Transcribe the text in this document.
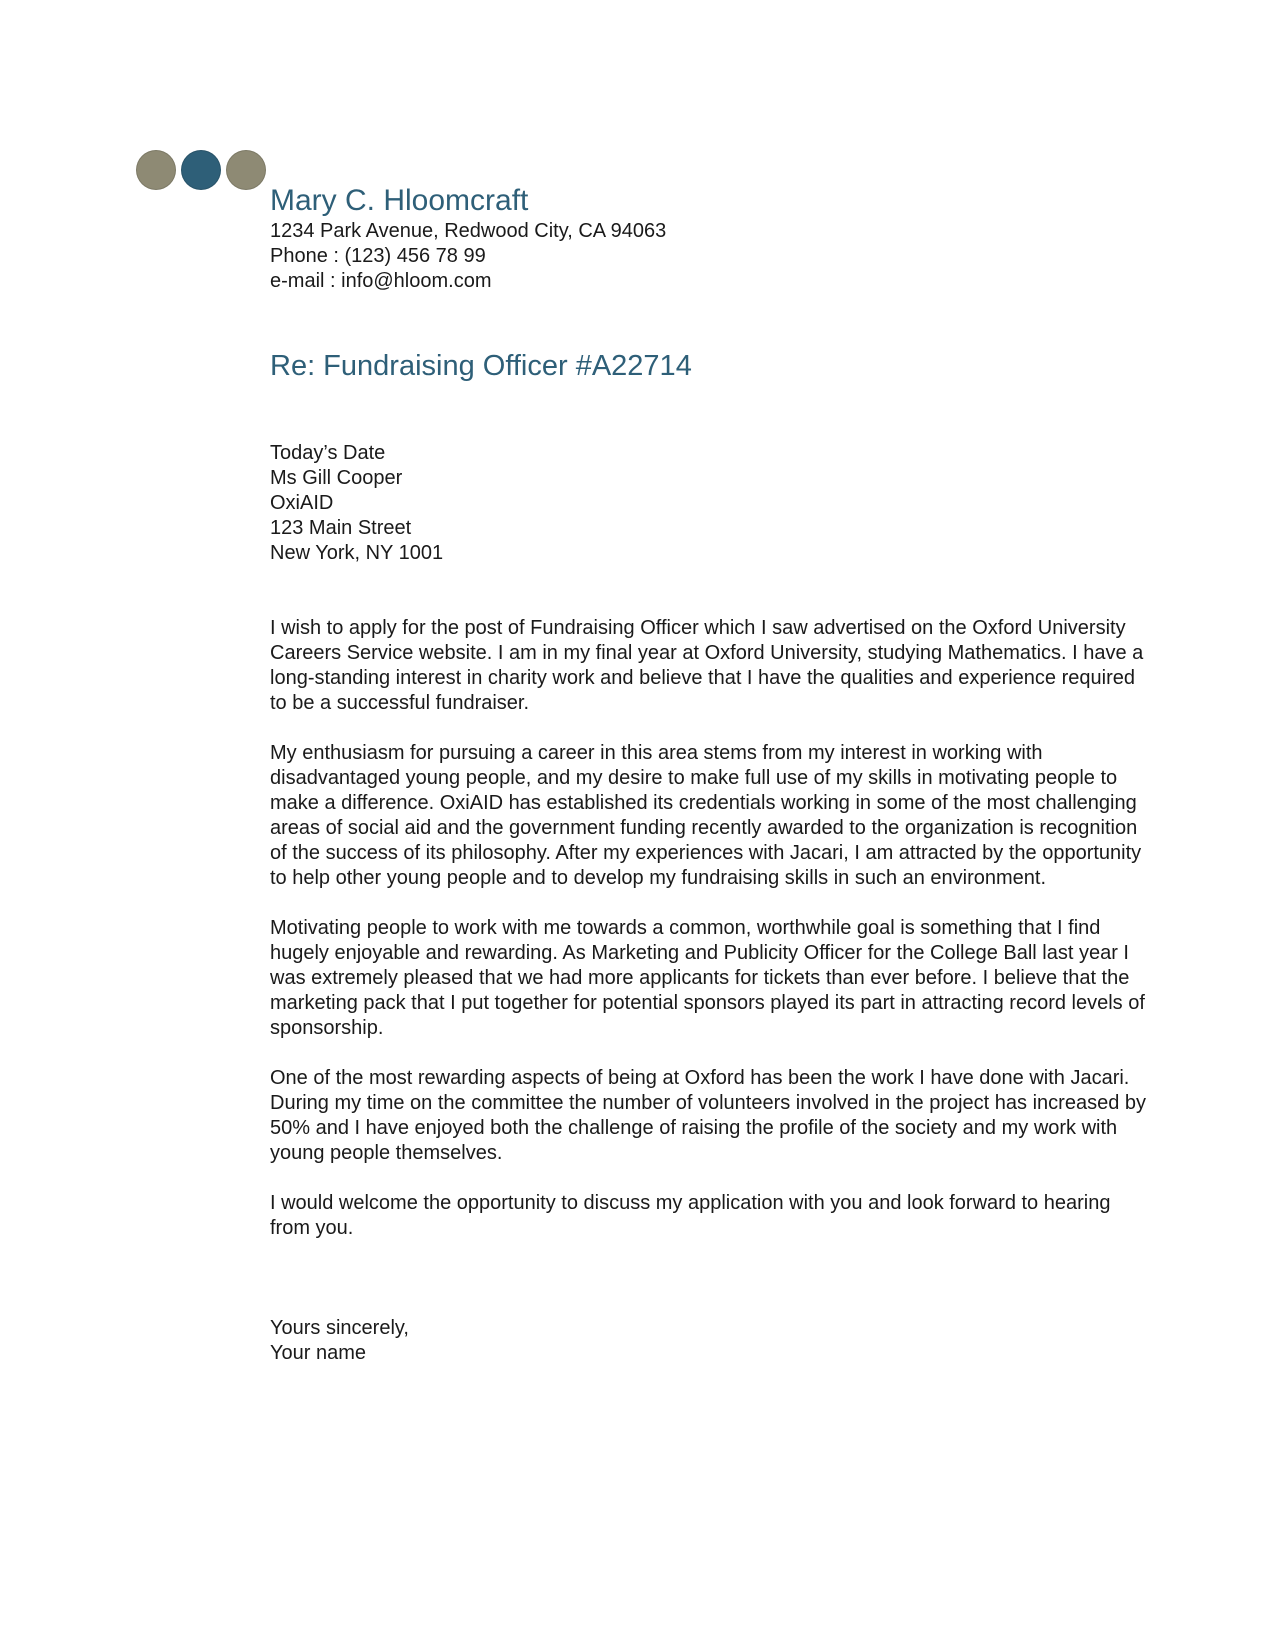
Mary C. Hloomcraft

1234 Park Avenue, Redwood City, CA 94063

Phone : (123) 456 78 99

e-mail : info@hloom.com

Re: Fundraising Officer #A22714
Today’s Date
Ms Gill Cooper
OxiAID
123 Main Street
New York, NY 1001

I wish to apply for the post of Fundraising Officer which I saw advertised on the Oxford University Careers Service website. I am in my final year at Oxford University, studying Mathematics. I have a long-standing interest in charity work and believe that I have the qualities and experience required to be a successful fundraiser.

My enthusiasm for pursuing a career in this area stems from my interest in working with disadvantaged young people, and my desire to make full use of my skills in motivating people to make a difference. OxiAID has established its credentials working in some of the most challenging areas of social aid and the government funding recently awarded to the organization is recognition of the success of its philosophy. After my experiences with Jacari, I am attracted by the opportunity to help other young people and to develop my fundraising skills in such an environment.

Motivating people to work with me towards a common, worthwhile goal is something that I find hugely enjoyable and rewarding. As Marketing and Publicity Officer for the College Ball last year I was extremely pleased that we had more applicants for tickets than ever before. I believe that the marketing pack that I put together for potential sponsors played its part in attracting record levels of sponsorship.

One of the most rewarding aspects of being at Oxford has been the work I have done with Jacari. During my time on the committee the number of volunteers involved in the project has increased by 50% and I have enjoyed both the challenge of raising the profile of the society and my work with young people themselves.

I would welcome the opportunity to discuss my application with you and look forward to hearing from you.

Yours sincerely,
Your name
